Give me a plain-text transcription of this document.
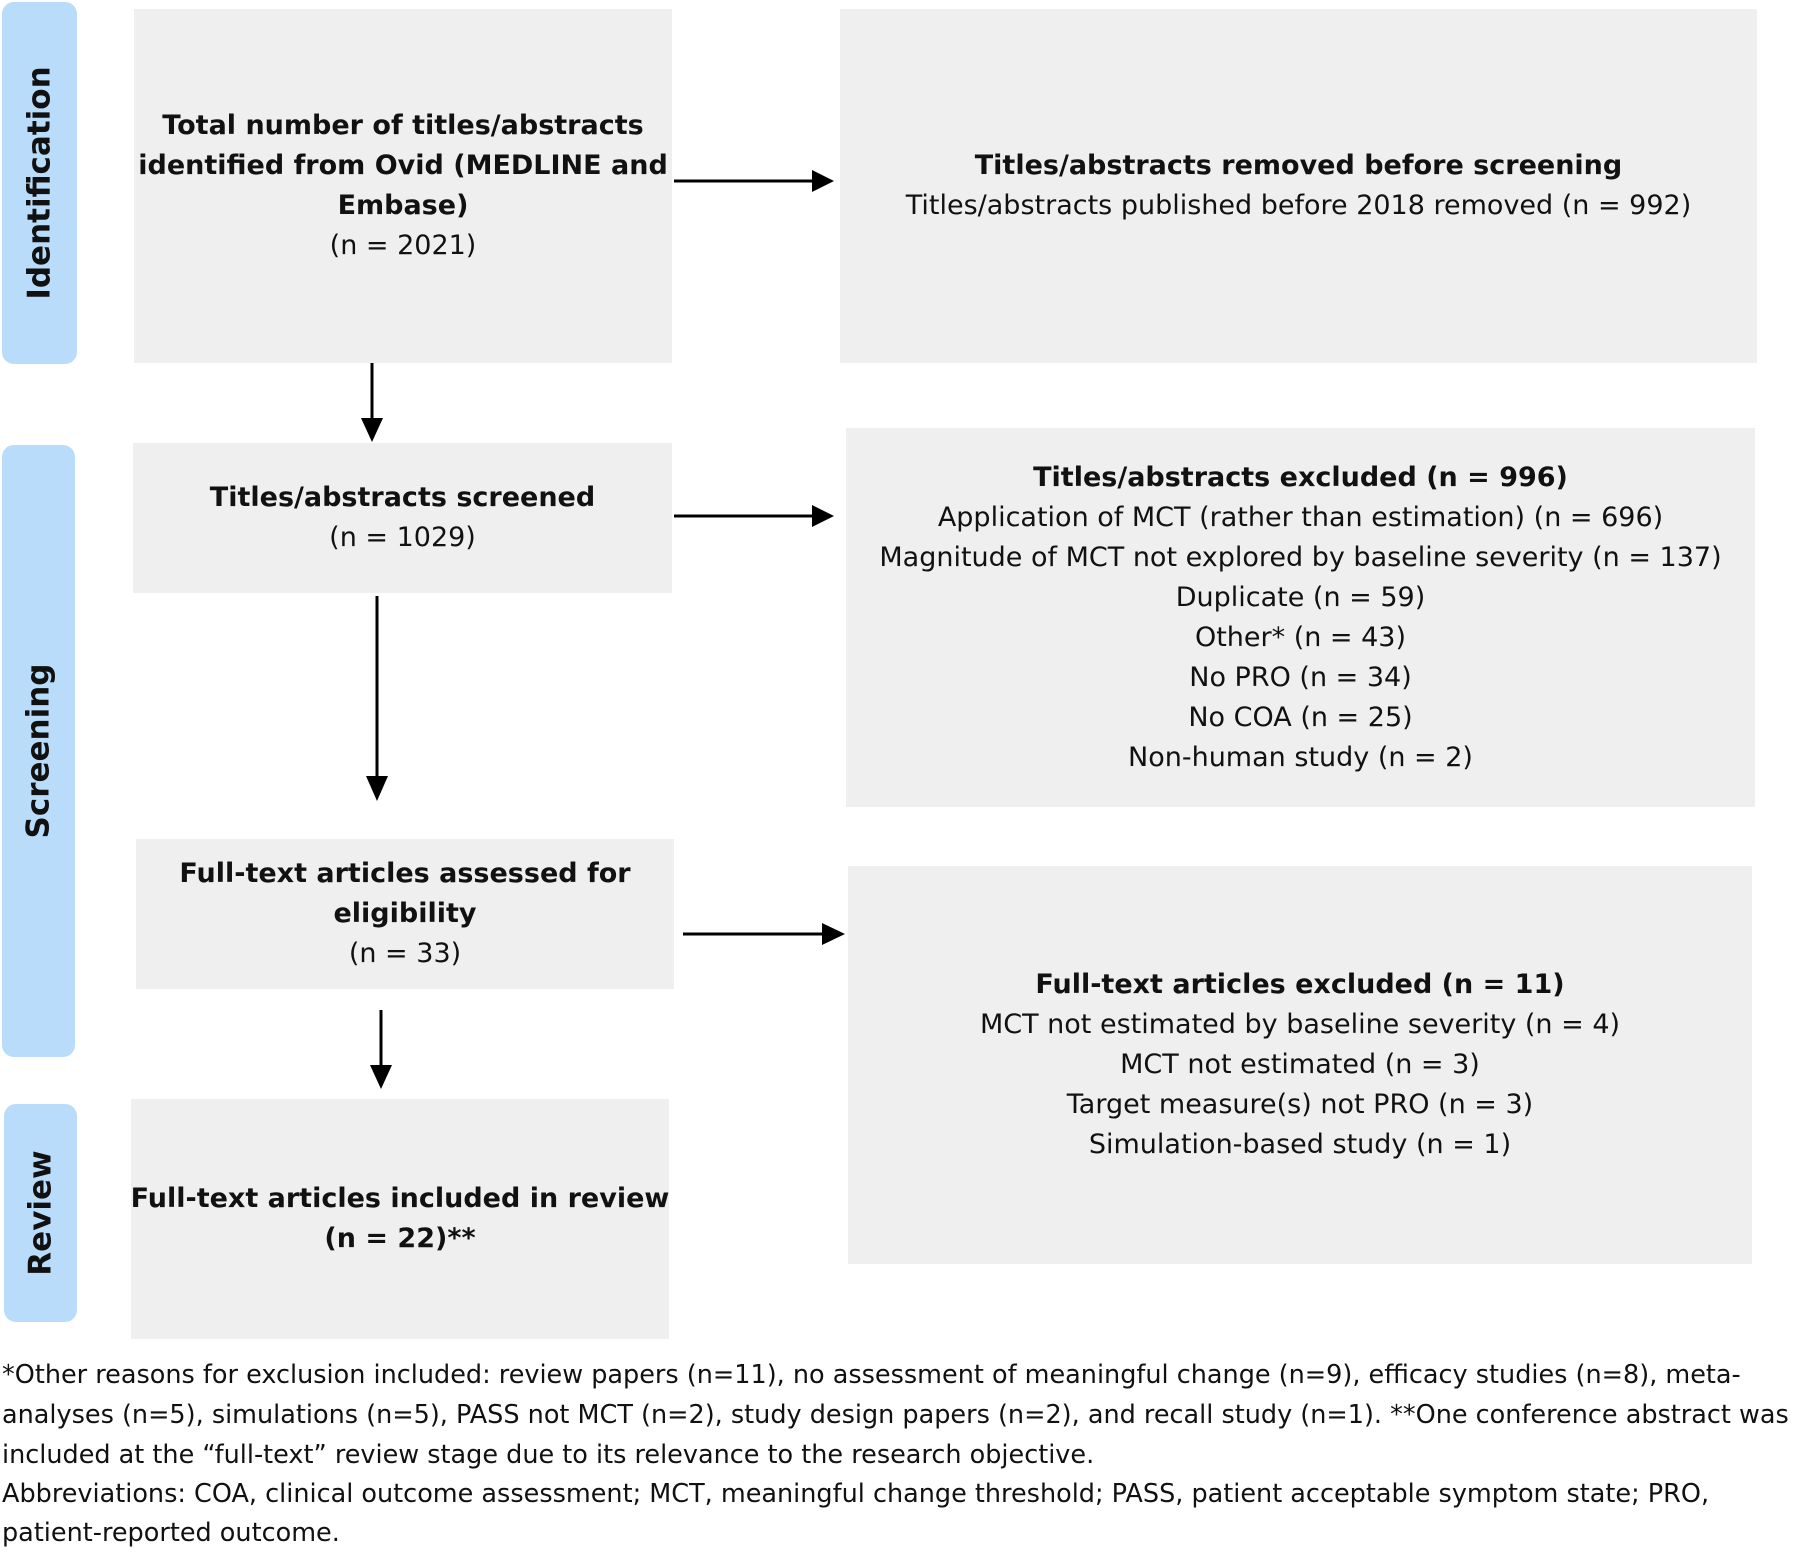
Identification
Screening
Review
Total number of titles/abstracts
identified from Ovid (MEDLINE and
Embase)
(n = 2021)
Titles/abstracts removed before screening
Titles/abstracts published before 2018 removed (n = 992)
Titles/abstracts screened
(n = 1029)
Titles/abstracts excluded (n = 996)
Application of MCT (rather than estimation) (n = 696)
Magnitude of MCT not explored by baseline severity (n = 137)
Duplicate (n = 59)
Other* (n = 43)
No PRO (n = 34)
No COA (n = 25)
Non-human study (n = 2)
Full-text articles assessed for
eligibility
(n = 33)
Full-text articles excluded (n = 11)
MCT not estimated by baseline severity (n = 4)
MCT not estimated (n = 3)
Target measure(s) not PRO (n = 3)
Simulation-based study (n = 1)
Full-text articles included in review
(n = 22)**
*Other reasons for exclusion included: review papers (n=11), no assessment of meaningful change (n=9), efficacy studies (n=8), meta-
analyses (n=5), simulations (n=5), PASS not MCT (n=2), study design papers (n=2), and recall study (n=1). **One conference abstract was
included at the “full-text” review stage due to its relevance to the research objective.
Abbreviations: COA, clinical outcome assessment; MCT, meaningful change threshold; PASS, patient acceptable symptom state; PRO,
patient-reported outcome.
